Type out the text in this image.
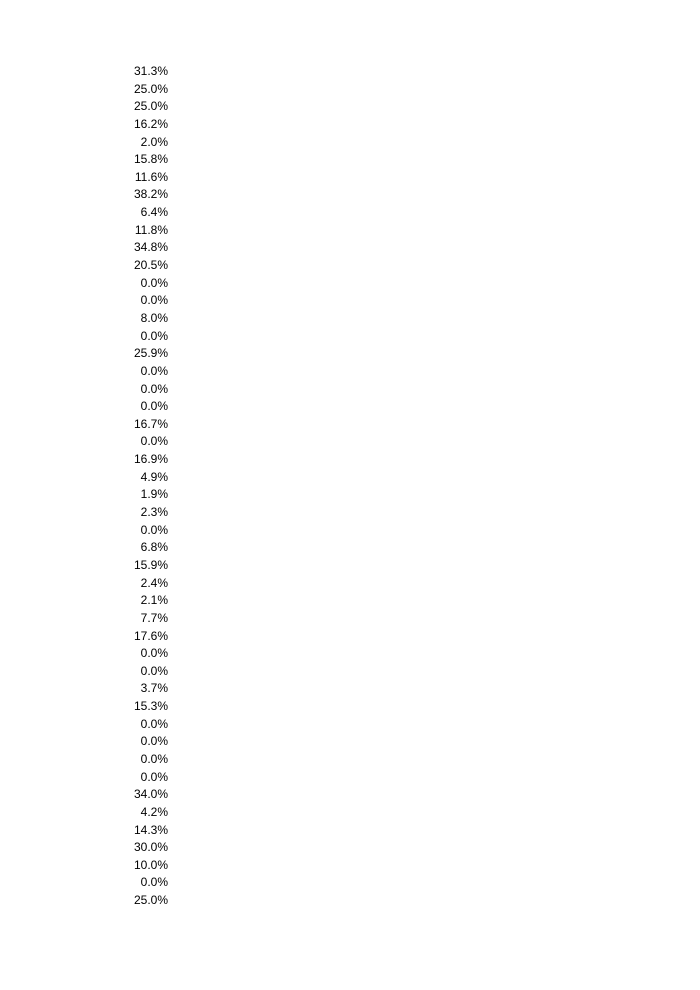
31.3%
25.0%
25.0%
16.2%
2.0%
15.8%
11.6%
38.2%
6.4%
11.8%
34.8%
20.5%
0.0%
0.0%
8.0%
0.0%
25.9%
0.0%
0.0%
0.0%
16.7%
0.0%
16.9%
4.9%
1.9%
2.3%
0.0%
6.8%
15.9%
2.4%
2.1%
7.7%
17.6%
0.0%
0.0%
3.7%
15.3%
0.0%
0.0%
0.0%
0.0%
34.0%
4.2%
14.3%
30.0%
10.0%
0.0%
25.0%
